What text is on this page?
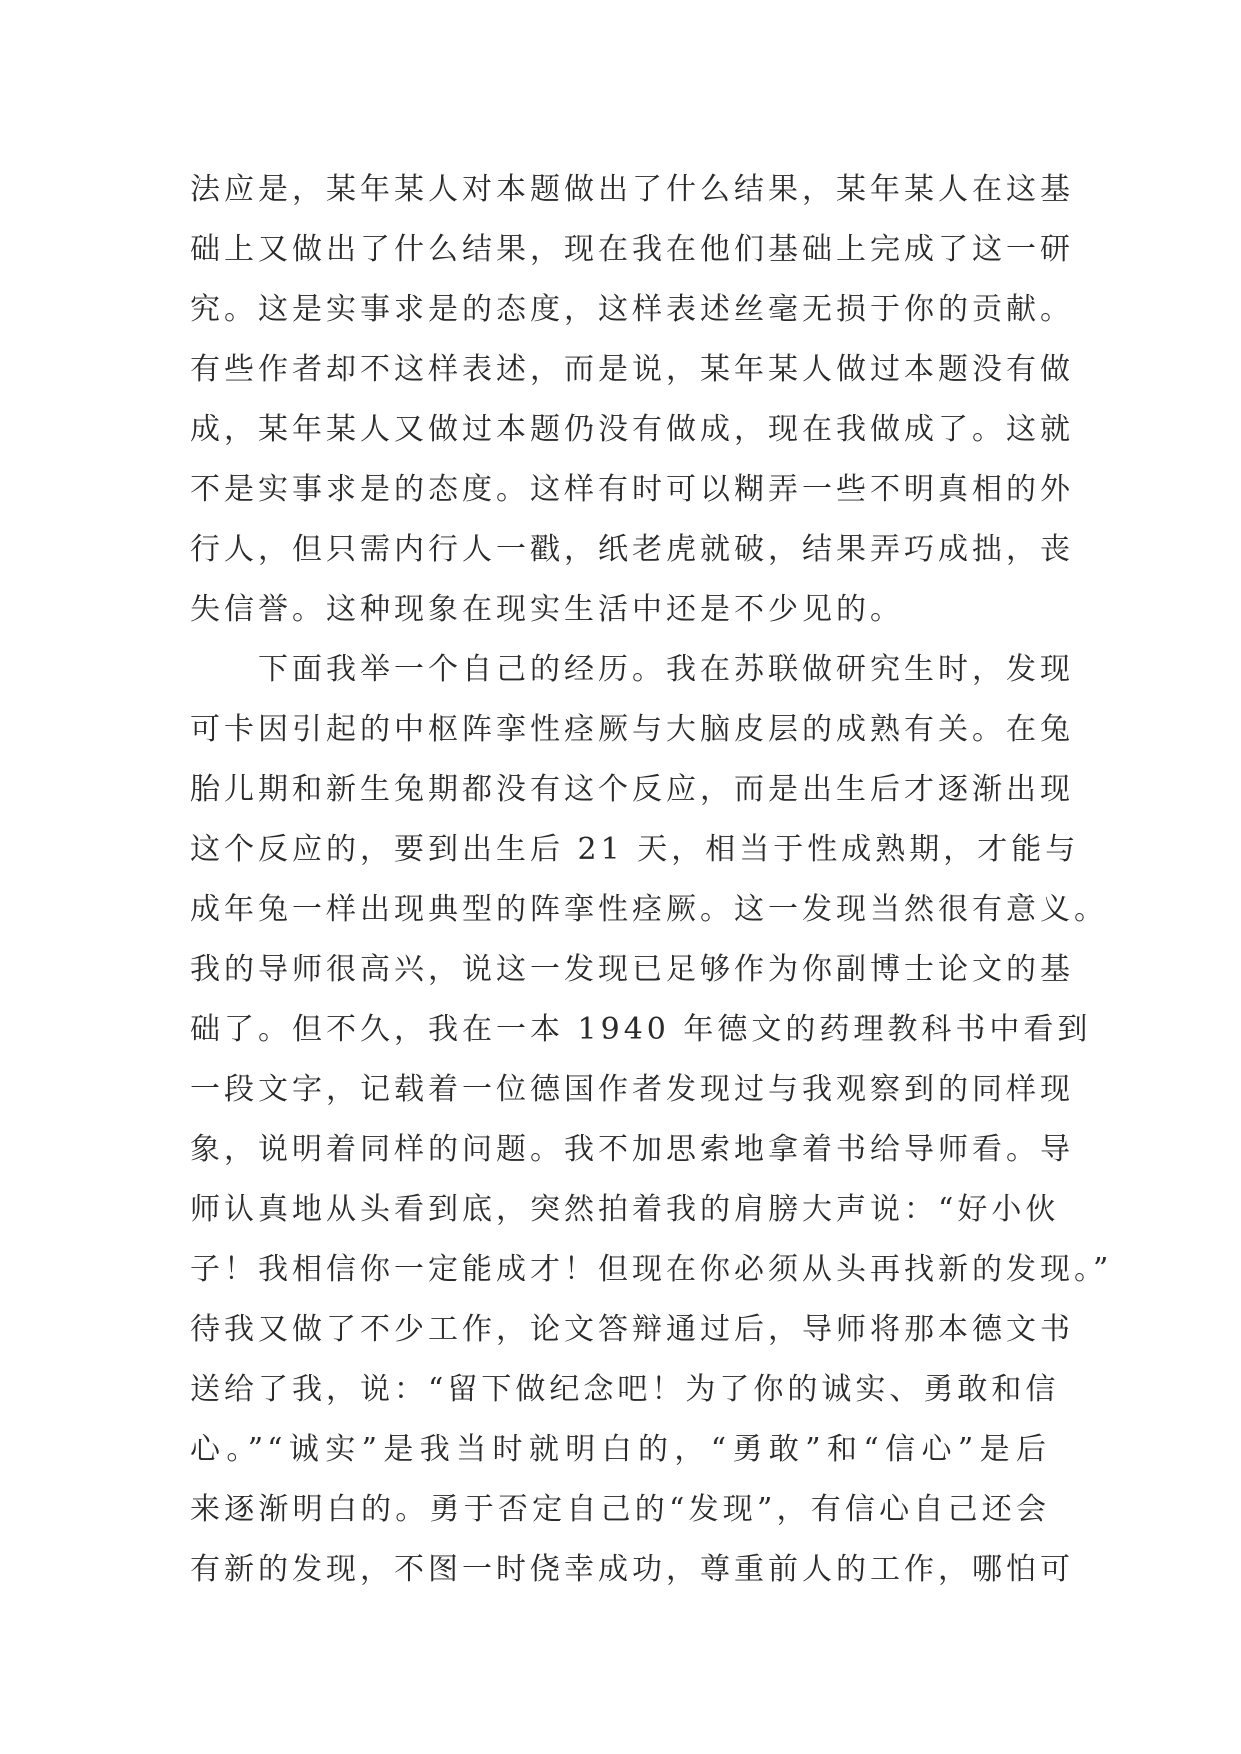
法应是，某年某人对本题做出了什么结果，某年某人在这基
础上又做出了什么结果，现在我在他们基础上完成了这一研
究。这是实事求是的态度，这样表述丝毫无损于你的贡献。
有些作者却不这样表述，而是说，某年某人做过本题没有做
成，某年某人又做过本题仍没有做成，现在我做成了。这就
不是实事求是的态度。这样有时可以糊弄一些不明真相的外
行人，但只需内行人一戳，纸老虎就破，结果弄巧成拙，丧
失信誉。这种现象在现实生活中还是不少见的。
下面我举一个自己的经历。我在苏联做研究生时，发现
可卡因引起的中枢阵挛性痉厥与大脑皮层的成熟有关。在兔
胎儿期和新生兔期都没有这个反应，而是出生后才逐渐出现
这个反应的，要到出生后 21 天，相当于性成熟期，才能与
成年兔一样出现典型的阵挛性痉厥。这一发现当然很有意义。
我的导师很高兴，说这一发现已足够作为你副博士论文的基
础了。但不久，我在一本 1940 年德文的药理教科书中看到
一段文字，记载着一位德国作者发现过与我观察到的同样现
象，说明着同样的问题。我不加思索地拿着书给导师看。导
师认真地从头看到底，突然拍着我的肩膀大声说：“好小伙
子！我相信你一定能成才！但现在你必须从头再找新的发现。”
待我又做了不少工作，论文答辩通过后，导师将那本德文书
送给了我，说：“留下做纪念吧！为了你的诚实、勇敢和信
心。”“诚实”是我当时就明白的，“勇敢”和“信心”是后
来逐渐明白的。勇于否定自己的“发现”，有信心自己还会
有新的发现，不图一时侥幸成功，尊重前人的工作，哪怕可
